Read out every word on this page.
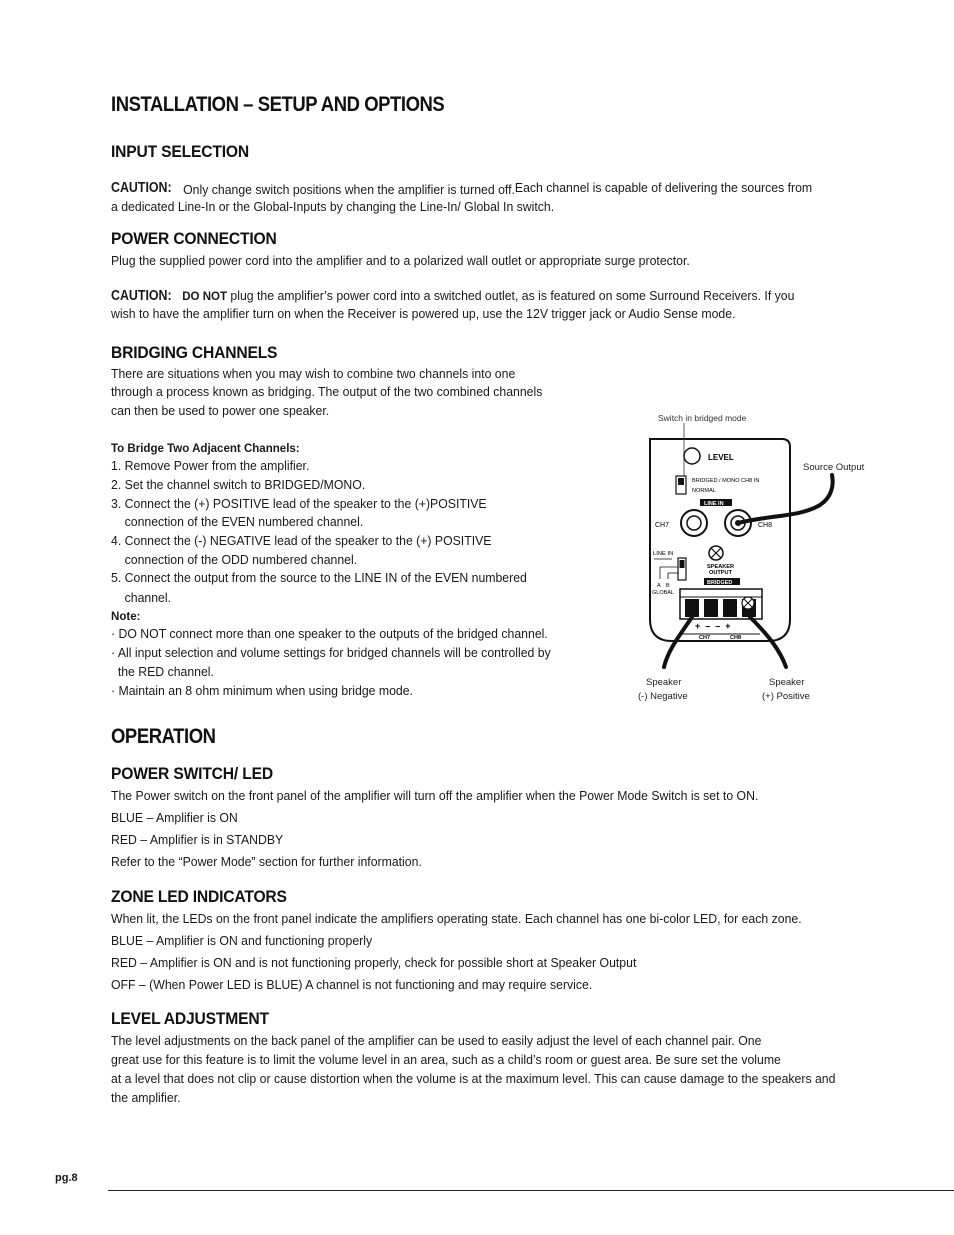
INSTALLATION – SETUP AND OPTIONS
INPUT SELECTION
CAUTION: Only change switch positions when the amplifier is turned off.Each channel is capable of delivering the sources from
a dedicated Line-In or the Global-Inputs by changing the Line-In/ Global In switch.
POWER CONNECTION
Plug the supplied power cord into the amplifier and to a polarized wall outlet or appropriate surge protector.
CAUTION: DO NOT plug the amplifier’s power cord into a switched outlet, as is featured on some Surround Receivers. If you
wish to have the amplifier turn on when the Receiver is powered up, use the 12V trigger jack or Audio Sense mode.
BRIDGING CHANNELS
There are situations when you may wish to combine two channels into one
through a process known as bridging. The output of the two combined channels
can then be used to power one speaker.
To Bridge Two Adjacent Channels:
1. Remove Power from the amplifier.
2. Set the channel switch to BRIDGED/MONO.
3. Connect the (+) POSITIVE lead of the speaker to the (+)POSITIVE
connection of the EVEN numbered channel.
4. Connect the (-) NEGATIVE lead of the speaker to the (+) POSITIVE
connection of the ODD numbered channel.
5. Connect the output from the source to the LINE IN of the EVEN numbered
channel.
Note:
· DO NOT connect more than one speaker to the outputs of the bridged channel.
· All input selection and volume settings for bridged channels will be controlled by
the RED channel.
· Maintain an 8 ohm minimum when using bridge mode.
Switch in bridged mode
LEVEL
BRIDGED / MONO CH8 IN
NORMAL
LINE IN
CH7	CH8
LINE IN
A B
GLOBAL
SPEAKER
OUTPUT
BRIDGED
+  –  –  +
CH7	CH8
Source Output
Speaker
(-) Negative
Speaker
(+) Positive
OPERATION
POWER SWITCH/ LED
The Power switch on the front panel of the amplifier will turn off the amplifier when the Power Mode Switch is set to ON.
BLUE – Amplifier is ON
RED – Amplifier is in STANDBY
Refer to the “Power Mode” section for further information.
ZONE LED INDICATORS
When lit, the LEDs on the front panel indicate the amplifiers operating state. Each channel has one bi-color LED, for each zone.
BLUE – Amplifier is ON and functioning properly
RED – Amplifier is ON and is not functioning properly, check for possible short at Speaker Output
OFF – (When Power LED is BLUE) A channel is not functioning and may require service.
LEVEL ADJUSTMENT
The level adjustments on the back panel of the amplifier can be used to easily adjust the level of each channel pair. One
great use for this feature is to limit the volume level in an area, such as a child’s room or guest area. Be sure set the volume
at a level that does not clip or cause distortion when the volume is at the maximum level. This can cause damage to the speakers and
the amplifier.
pg.8
